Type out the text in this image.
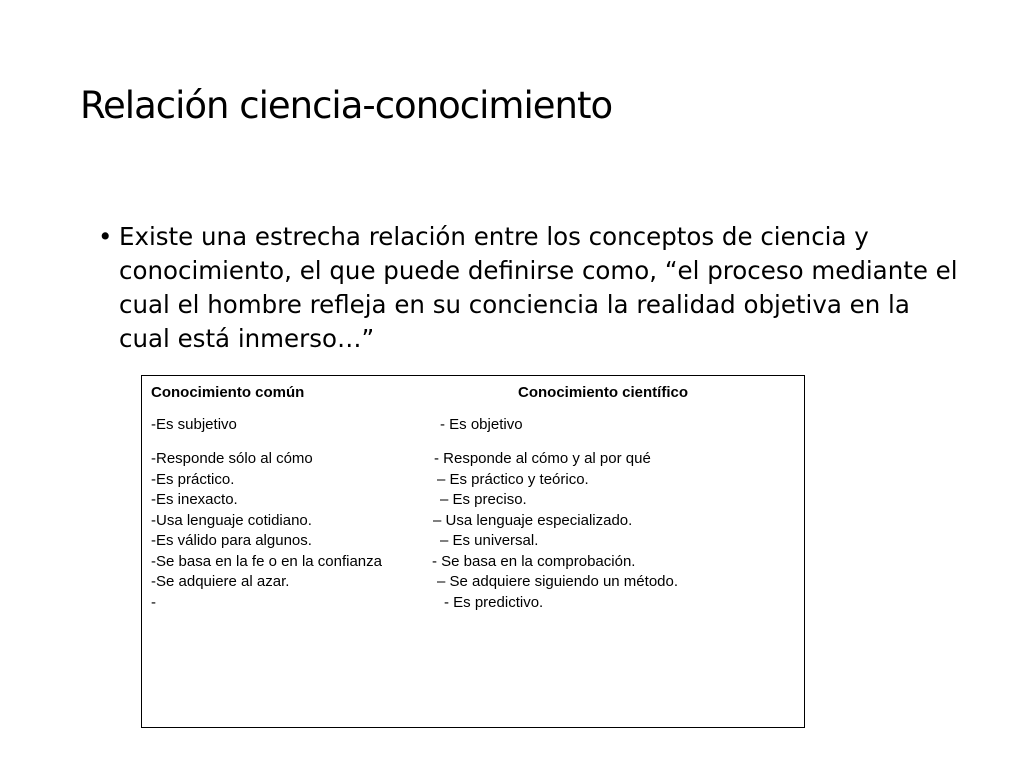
Relación ciencia-conocimiento
• Existe una estrecha relación entre los conceptos de ciencia y conocimiento, el que puede definirse como, “el proceso mediante el cual el hombre refleja en su conciencia la realidad objetiva en la cual está inmerso…”
Conocimiento común	Conocimiento científico
-Es subjetivo	- Es objetivo
-Responde sólo al cómo	- Responde al cómo y al por qué
-Es práctico.	– Es práctico y teórico.
-Es inexacto.	– Es preciso.
-Usa lenguaje cotidiano.	– Usa lenguaje especializado.
-Es válido para algunos.	– Es universal.
-Se basa en la fe o en la confianza	- Se basa en la comprobación.
-Se adquiere al azar.	– Se adquiere siguiendo un método.
-	- Es predictivo.
